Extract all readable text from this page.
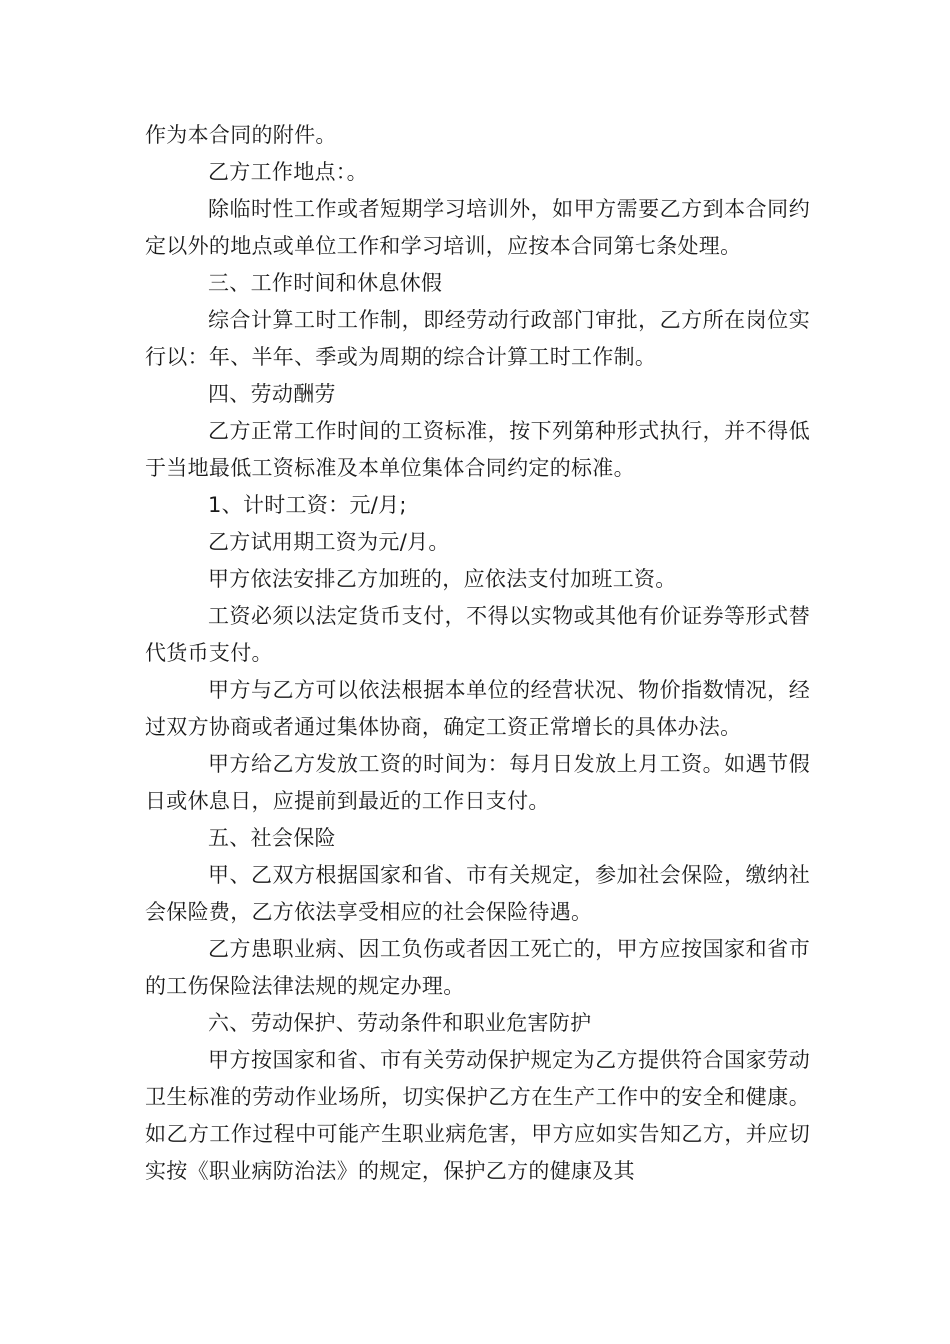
作为本合同的附件。

乙方工作地点：。

除临时性工作或者短期学习培训外，如甲方需要乙方到本合同约定以外的地点或单位工作和学习培训，应按本合同第七条处理。

三、工作时间和休息休假

综合计算工时工作制，即经劳动行政部门审批，乙方所在岗位实行以：年、半年、季或为周期的综合计算工时工作制。

四、劳动酬劳

乙方正常工作时间的工资标准，按下列第种形式执行，并不得低于当地最低工资标准及本单位集体合同约定的标准。

1、计时工资：元/月;

乙方试用期工资为元/月。

甲方依法安排乙方加班的，应依法支付加班工资。

工资必须以法定货币支付，不得以实物或其他有价证券等形式替代货币支付。

甲方与乙方可以依法根据本单位的经营状况、物价指数情况，经过双方协商或者通过集体协商，确定工资正常增长的具体办法。

甲方给乙方发放工资的时间为：每月日发放上月工资。如遇节假日或休息日，应提前到最近的工作日支付。

五、社会保险

甲、乙双方根据国家和省、市有关规定，参加社会保险，缴纳社会保险费，乙方依法享受相应的社会保险待遇。

乙方患职业病、因工负伤或者因工死亡的，甲方应按国家和省市的工伤保险法律法规的规定办理。

六、劳动保护、劳动条件和职业危害防护

甲方按国家和省、市有关劳动保护规定为乙方提供符合国家劳动卫生标准的劳动作业场所，切实保护乙方在生产工作中的安全和健康。如乙方工作过程中可能产生职业病危害，甲方应如实告知乙方，并应切实按《职业病防治法》的规定，保护乙方的健康及其
